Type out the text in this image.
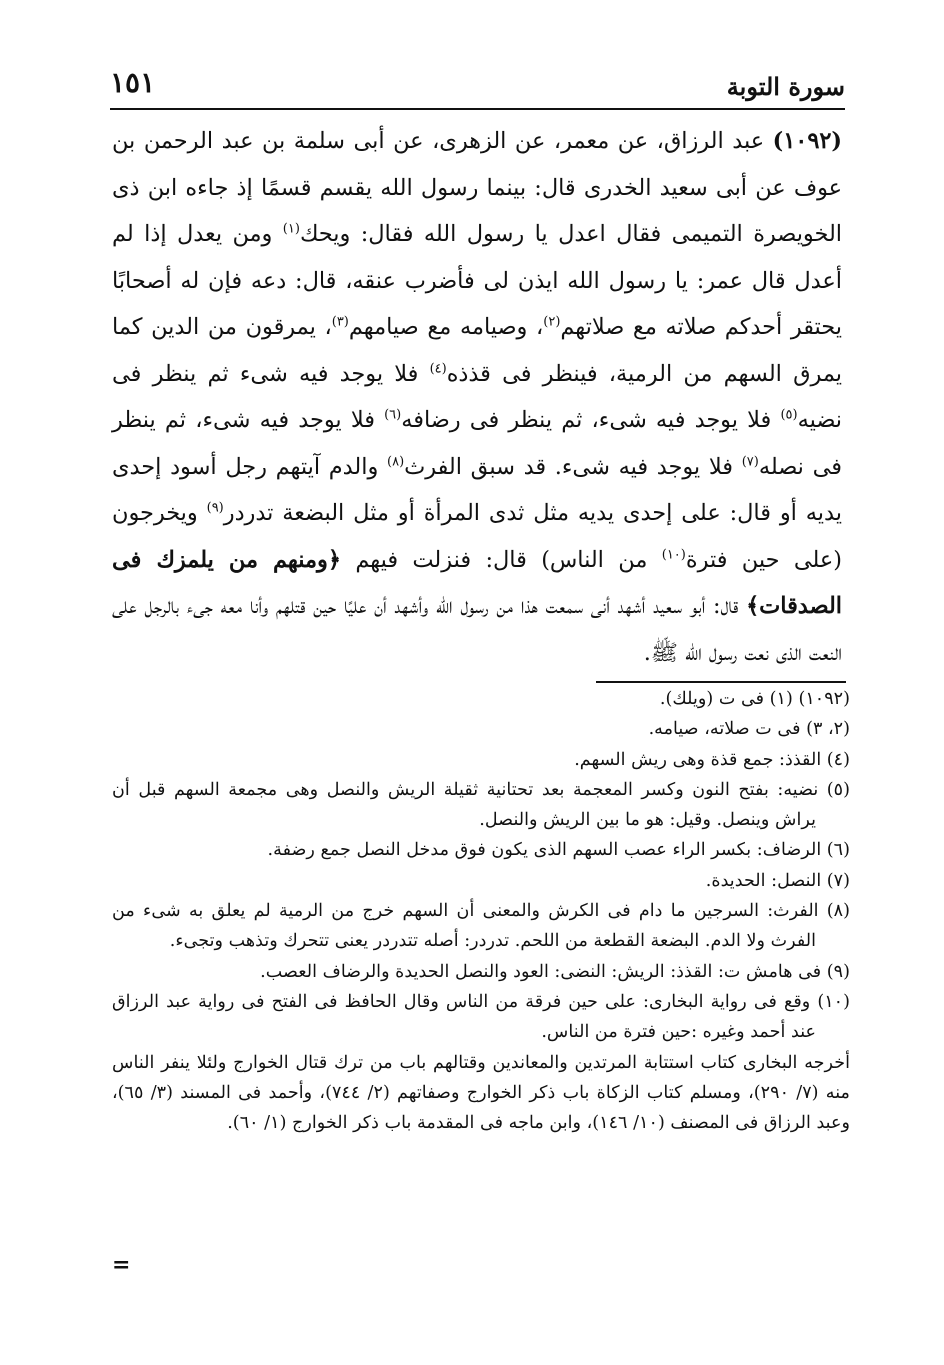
سورة التوبة
١٥١

(١٠٩٢) عبد الرزاق، عن معمر، عن الزهرى، عن أبى سلمة بن عبد الرحمن بن عوف عن أبى سعيد الخدرى قال: بينما رسول الله يقسم قسمًا إذ جاءه ابن ذى الخويصرة التميمى فقال اعدل يا رسول الله فقال: ويحك$^{(١)}$ ومن يعدل إذا لم أعدل قال عمر: يا رسول الله ايذن لى فأضرب عنقه، قال: دعه فإن له أصحابًا يحتقر أحدكم صلاته مع صلاتهم$^{(٢)}$، وصيامه مع صيامهم$^{(٣)}$، يمرقون من الدين كما يمرق السهم من الرمية، فينظر فى قذذه$^{(٤)}$ فلا يوجد فيه شىء ثم ينظر فى نضيه$^{(٥)}$ فلا يوجد فيه شىء، ثم ينظر فى رضافه$^{(٦)}$ فلا يوجد فيه شىء، ثم ينظر فى نصله$^{(٧)}$ فلا يوجد فيه شىء. قد سبق الفرث$^{(٨)}$ والدم آيتهم رجل أسود إحدى يديه أو قال: على إحدى يديه مثل ثدى المرأة أو مثل البضعة تدردر$^{(٩)}$ ويخرجون (على حين فترة$^{(١٠)}$ من الناس) قال: فنزلت فيهم ﴿ومنهم من يلمزك فى الصدقات﴾ قال: أبو سعيد أشهد أنى سمعت هذا من رسول الله وأشهد أن عليًا حين قتلهم وأنا معه جىء بالرجل على النعت الذى نعت رسول الله ﷺ.

(١٠٩٢) (١) فى ت (ويلك).

(٢، ٣) فى ت صلاته، صيامه.

(٤) القذذ: جمع قذة وهى ريش السهم.

(٥) نضيه: بفتح النون وكسر المعجمة بعد تحتانية ثقيلة الريش والنصل وهى مجمعة السهم قبل أن يراش وينصل. وقيل: هو ما بين الريش والنصل.

(٦) الرضاف: بكسر الراء عصب السهم الذى يكون فوق مدخل النصل جمع رضفة.

(٧) النصل: الحديدة.

(٨) الفرث: السرجين ما دام فى الكرش والمعنى أن السهم خرج من الرمية لم يعلق به شىء من الفرث ولا الدم. البضعة القطعة من اللحم. تدردر: أصله تتدردر يعنى تتحرك وتذهب وتجىء.

(٩) فى هامش ت: القذذ: الريش: النضى: العود والنصل الحديدة والرضاف العصب.

(١٠) وقع فى رواية البخارى: على حين فرقة من الناس وقال الحافظ فى الفتح فى رواية عبد الرزاق عند أحمد وغيره :حين فترة من الناس.

أخرجه البخارى كتاب استتابة المرتدين والمعاندين وقتالهم باب من ترك قتال الخوارج ولئلا ينفر الناس منه (٧/ ٢٩٠)، ومسلم كتاب الزكاة باب ذكر الخوارج وصفاتهم (٢/ ٧٤٤)، وأحمد فى المسند (٣/ ٦٥)، وعبد الرزاق فى المصنف (١٠/ ١٤٦)، وابن ماجه فى المقدمة باب ذكر الخوارج (١/ ٦٠).

=
